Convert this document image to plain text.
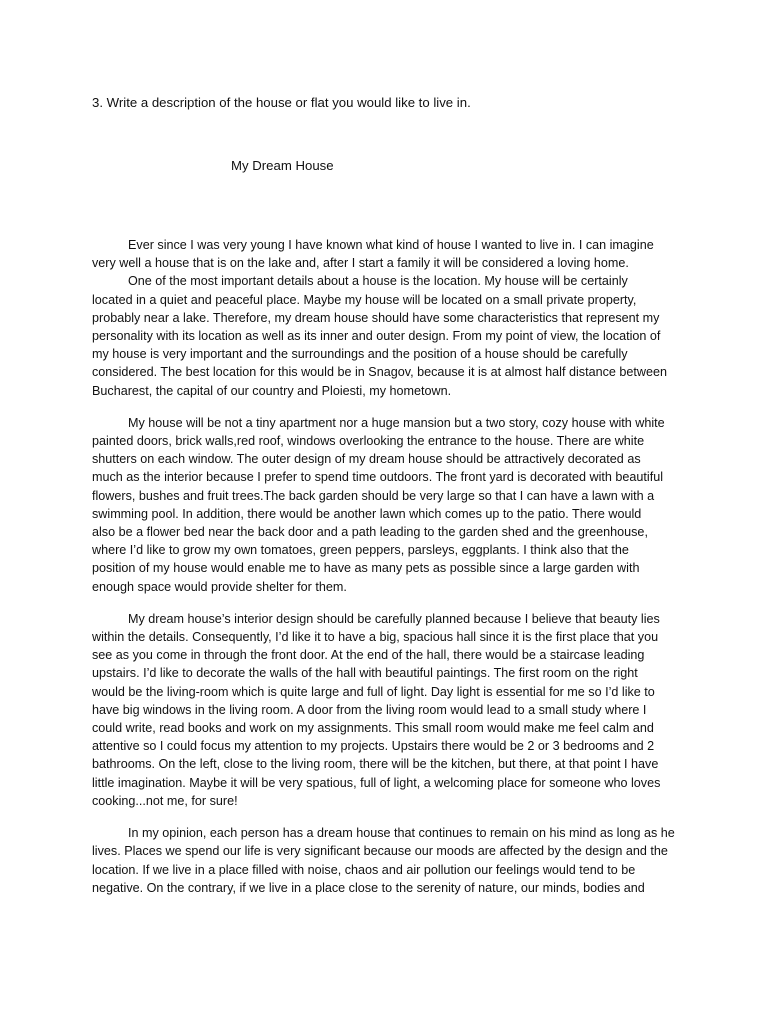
3. Write a description of the house or flat you would like to live in.
My Dream House

Ever since I was very young I have known what kind of house I wanted to live in. I can imagine
very well a house that is on the lake and, after I start a family it will be considered a loving home.

One of the most important details about a house is the location. My house will be certainly
located in a quiet and peaceful place. Maybe my house will be located on a small private property,
probably near a lake. Therefore, my dream house should have some characteristics that represent my
personality with its location as well as its inner and outer design. From my point of view, the location of
my house is very important and the surroundings and the position of a house should be carefully
considered. The best location for this would be in Snagov, because it is at almost half distance between
Bucharest, the capital of our country and Ploiesti, my hometown.

My house will be not a tiny apartment nor a huge mansion but a two story, cozy house with white
painted doors, brick walls,red roof, windows overlooking the entrance to the house. There are white
shutters on each window. The outer design of my dream house should be attractively decorated as
much as the interior because I prefer to spend time outdoors. The front yard is decorated with beautiful
flowers, bushes and fruit trees.The back garden should be very large so that I can have a lawn with a
swimming pool. In addition, there would be another lawn which comes up to the patio. There would
also be a flower bed near the back door and a path leading to the garden shed and the greenhouse,
where I’d like to grow my own tomatoes, green peppers, parsleys, eggplants. I think also that the
position of my house would enable me to have as many pets as possible since a large garden with
enough space would provide shelter for them.

My dream house’s interior design should be carefully planned because I believe that beauty lies
within the details. Consequently, I’d like it to have a big, spacious hall since it is the first place that you
see as you come in through the front door. At the end of the hall, there would be a staircase leading
upstairs. I’d like to decorate the walls of the hall with beautiful paintings. The first room on the right
would be the living-room which is quite large and full of light. Day light is essential for me so I’d like to
have big windows in the living room. A door from the living room would lead to a small study where I
could write, read books and work on my assignments. This small room would make me feel calm and
attentive so I could focus my attention to my projects. Upstairs there would be 2 or 3 bedrooms and 2
bathrooms. On the left, close to the living room, there will be the kitchen, but there, at that point I have
little imagination. Maybe it will be very spatious, full of light, a welcoming place for someone who loves
cooking...not me, for sure!

In my opinion, each person has a dream house that continues to remain on his mind as long as he
lives. Places we spend our life is very significant because our moods are affected by the design and the
location. If we live in a place filled with noise, chaos and air pollution our feelings would tend to be
negative. On the contrary, if we live in a place close to the serenity of nature, our minds, bodies and
